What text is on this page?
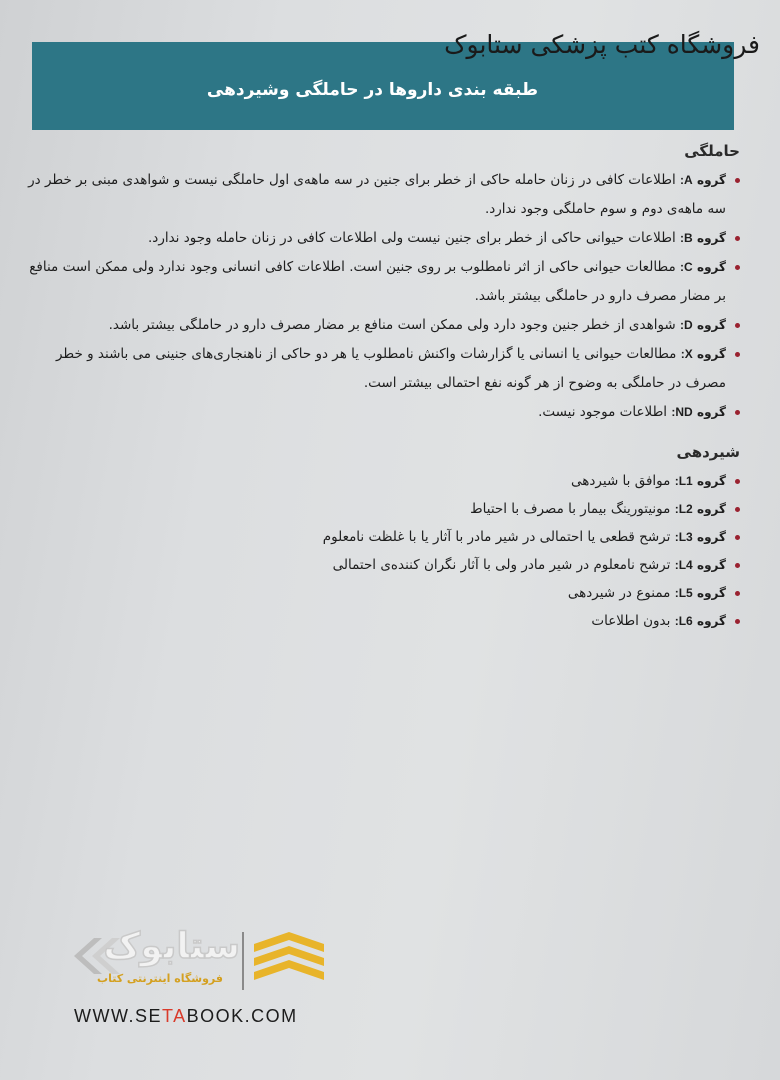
طبقه بندی داروها در حاملگی وشیردهی
فروشگاه کتب پزشکی ستابوک
حاملگی
گروه A: اطلاعات کافی در زنان حامله حاکی از خطر برای جنین در سه ماهه‌ی اول حاملگی نیست و شواهدی مبنی بر خطر در سه ماهه‌ی دوم و سوم حاملگی وجود ندارد.
گروه B: اطلاعات حیوانی حاکی از خطر برای جنین نیست ولی اطلاعات کافی در زنان حامله وجود ندارد.
گروه C: مطالعات حیوانی حاکی از اثر نامطلوب بر روی جنین است. اطلاعات کافی انسانی وجود ندارد ولی ممکن است منافع بر مضار مصرف دارو در حاملگی بیشتر باشد.
گروه D: شواهدی از خطر جنین وجود دارد ولی ممکن است منافع بر مضار مصرف دارو در حاملگی بیشتر باشد.
گروه X: مطالعات حیوانی یا انسانی یا گزارشات واکنش نامطلوب یا هر دو حاکی از ناهنجاری‌های جنینی می باشند و خطر مصرف در حاملگی به وضوح از هر گونه نفع احتمالی بیشتر است.
گروه ND: اطلاعات موجود نیست.
شیردهی
گروه L1: موافق با شیردهی
گروه L2: مونیتورینگ بیمار با مصرف با احتیاط
گروه L3: ترشح قطعی یا احتمالی در شیر مادر با آثار یا با غلظت نامعلوم
گروه L4: ترشح نامعلوم در شیر مادر ولی با آثار نگران کننده‌ی احتمالی
گروه L5: ممنوع در شیردهی
گروه L6: بدون اطلاعات
ستابوک
فروشگاه اینترنتی کتاب
WWW.SETABOOK.COM
